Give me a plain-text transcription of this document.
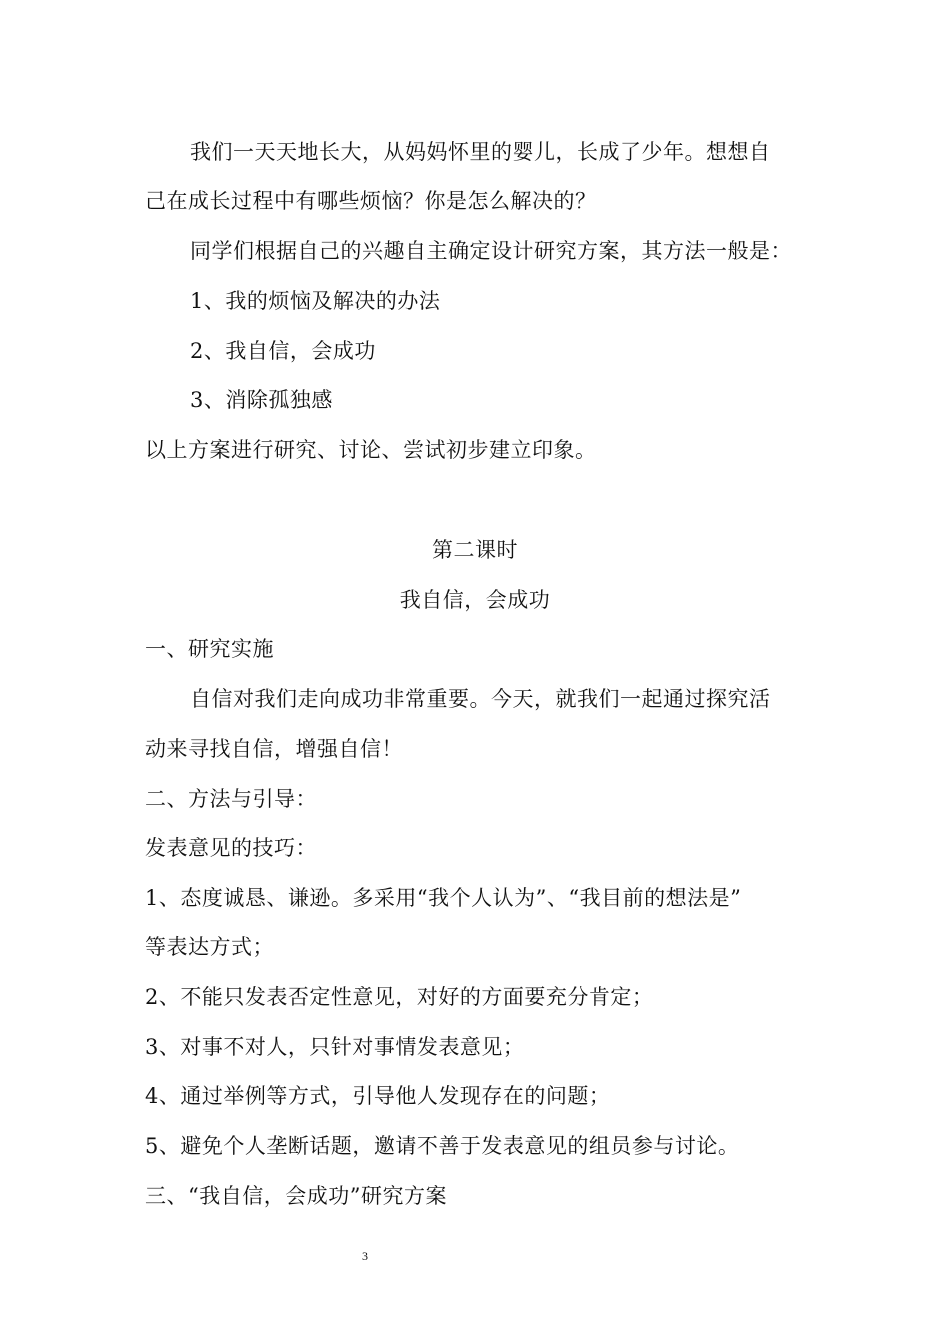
我们一天天地长大，从妈妈怀里的婴儿，长成了少年。想想自
己在成长过程中有哪些烦恼？你是怎么解决的？
同学们根据自己的兴趣自主确定设计研究方案，其方法一般是：
1、我的烦恼及解决的办法
2、我自信，会成功
3、消除孤独感
以上方案进行研究、讨论、尝试初步建立印象。
第二课时
我自信，会成功
一、研究实施
自信对我们走向成功非常重要。今天，就我们一起通过探究活
动来寻找自信，增强自信！
二、方法与引导：
发表意见的技巧：
1、态度诚恳、谦逊。多采用“我个人认为”、“我目前的想法是”
等表达方式；
2、不能只发表否定性意见，对好的方面要充分肯定；
3、对事不对人，只针对事情发表意见；
4、通过举例等方式，引导他人发现存在的问题；
5、避免个人垄断话题，邀请不善于发表意见的组员参与讨论。
三、“我自信，会成功”研究方案
3
